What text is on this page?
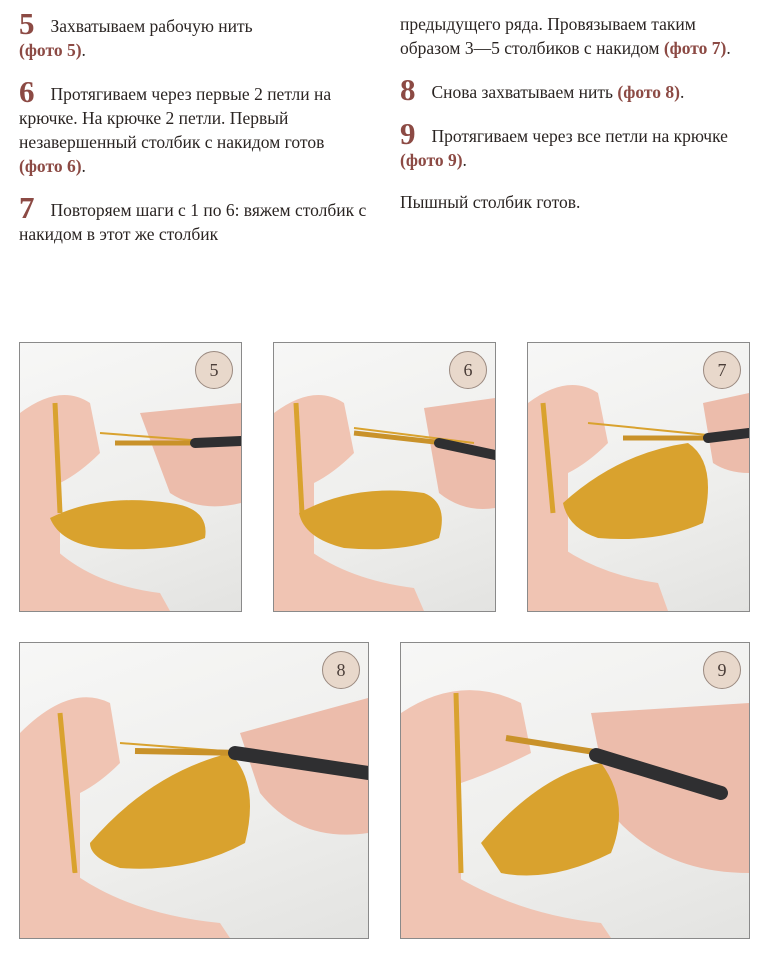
5 Захватываем рабочую нить
(фото 5).

6 Протягиваем через первые 2 петли на крючке. На крючке 2 петли. Первый незавершенный столбик с накидом готов (фото 6).

7 Повторяем шаги с 1 по 6: вяжем столбик с накидом в этот же столбик

предыдущего ряда. Провязываем таким образом 3—5 столбиков с накидом (фото 7).

8 Снова захватываем нить (фото 8).

9 Протягиваем через все петли на крючке (фото 9).

Пышный столбик готов.

5	6	7
8	9
